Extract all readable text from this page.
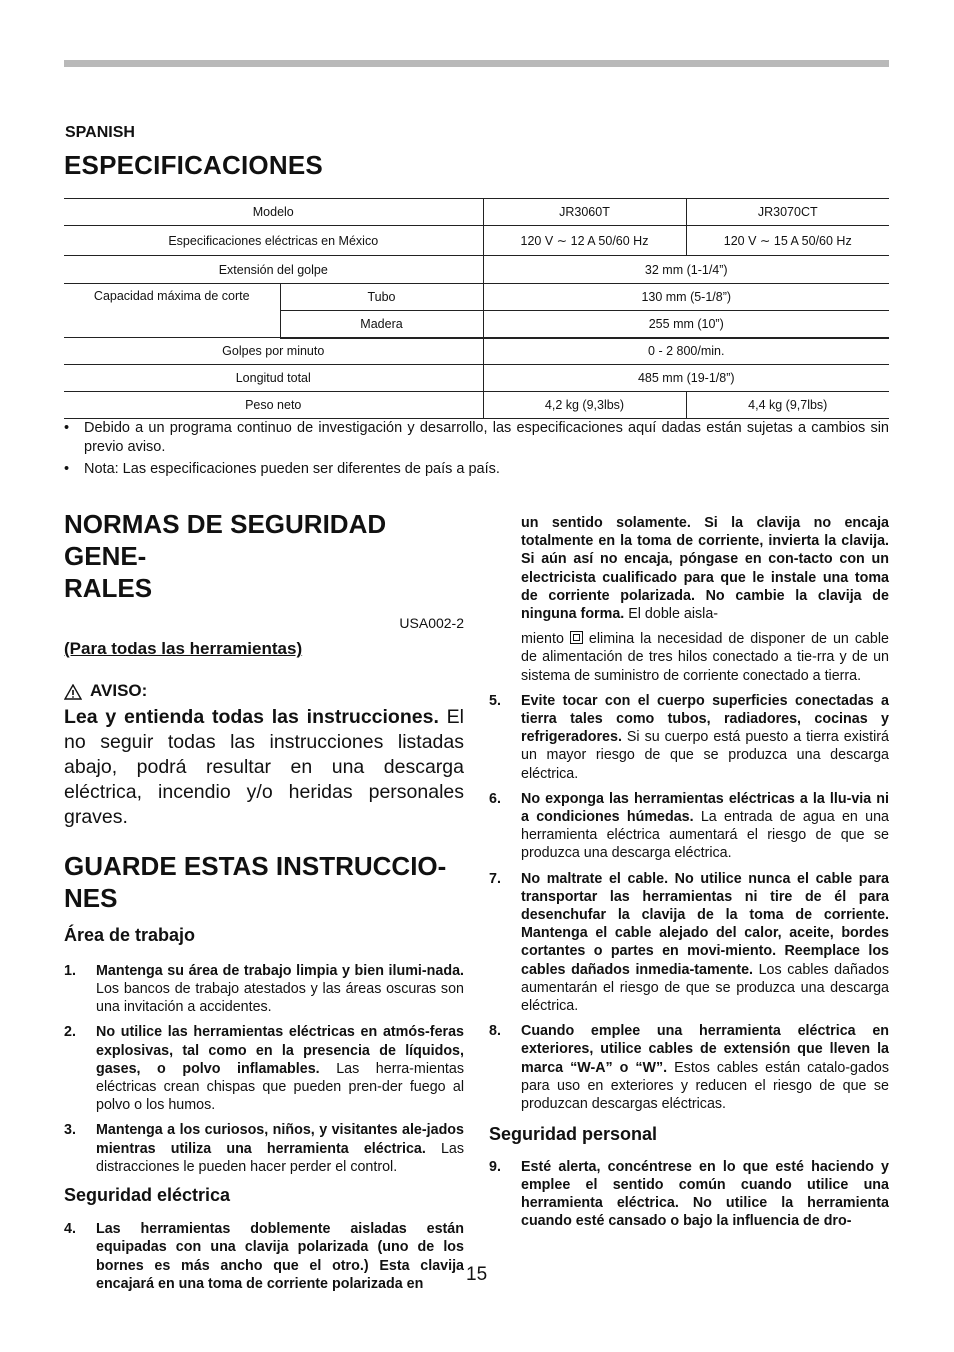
SPANISH
ESPECIFICACIONES
Modelo		JR3060T	JR3070CT
Especificaciones eléctricas en México		120 V ∼ 12 A 50/60 Hz	120 V ∼ 15 A 50/60 Hz
Extensión del golpe		32 mm (1-1/4”)	
Capacidad máxima de corte	Tubo	130 mm (5-1/8”)	
	Madera	255 mm (10”)	
Golpes por minuto		0 - 2 800/min.	
Longitud total		485 mm (19-1/8”)	
Peso neto		4,2 kg (9,3lbs)	4,4 kg (9,7lbs)
• Debido a un programa continuo de investigación y desarrollo, las especificaciones aquí dadas están sujetas a cambios sin previo aviso.
• Nota: Las especificaciones pueden ser diferentes de país a país.
NORMAS DE SEGURIDAD GENE-
RALES
USA002-2
(Para todas las herramientas)
AVISO:
Lea y entienda todas las instrucciones. El no seguir todas las instrucciones listadas abajo, podrá resultar en una descarga eléctrica, incendio y/o heridas personales graves.
GUARDE ESTAS INSTRUCCIO-
NES
Área de trabajo
1. Mantenga su área de trabajo limpia y bien ilumi-nada. Los bancos de trabajo atestados y las áreas oscuras son una invitación a accidentes.
2. No utilice las herramientas eléctricas en atmós-feras explosivas, tal como en la presencia de líquidos, gases, o polvo inflamables. Las herra-mientas eléctricas crean chispas que pueden pren-der fuego al polvo o los humos.
3. Mantenga a los curiosos, niños, y visitantes ale-jados mientras utiliza una herramienta eléctrica. Las distracciones le pueden hacer perder el control.
Seguridad eléctrica
4. Las herramientas doblemente aisladas están equipadas con una clavija polarizada (uno de los bornes es más ancho que el otro.) Esta clavija encajará en una toma de corriente polarizada en
un sentido solamente. Si la clavija no encaja totalmente en la toma de corriente, invierta la clavija. Si aún así no encaja, póngase en con-tacto con un electricista cualificado para que le instale una toma de corriente polarizada. No cambie la clavija de ninguna forma. El doble aisla-
miento elimina la necesidad de disponer de un cable de alimentación de tres hilos conectado a tie-rra y de un sistema de suministro de corriente conectado a tierra.
5. Evite tocar con el cuerpo superficies conectadas a tierra tales como tubos, radiadores, cocinas y refrigeradores. Si su cuerpo está puesto a tierra existirá un mayor riesgo de que se produzca una descarga eléctrica.
6. No exponga las herramientas eléctricas a la llu-via ni a condiciones húmedas. La entrada de agua en una herramienta eléctrica aumentará el riesgo de que se produzca una descarga eléctrica.
7. No maltrate el cable. No utilice nunca el cable para transportar las herramientas ni tire de él para desenchufar la clavija de la toma de corriente. Mantenga el cable alejado del calor, aceite, bordes cortantes o partes en movi-miento. Reemplace los cables dañados inmedia-tamente. Los cables dañados aumentarán el riesgo de que se produzca una descarga eléctrica.
8. Cuando emplee una herramienta eléctrica en exteriores, utilice cables de extensión que lleven la marca “W-A” o “W”. Estos cables están catalo-gados para uso en exteriores y reducen el riesgo de que se produzcan descargas eléctricas.
Seguridad personal
9. Esté alerta, concéntrese en lo que esté haciendo y emplee el sentido común cuando utilice una herramienta eléctrica. No utilice la herramienta cuando esté cansado o bajo la influencia de dro-
15
